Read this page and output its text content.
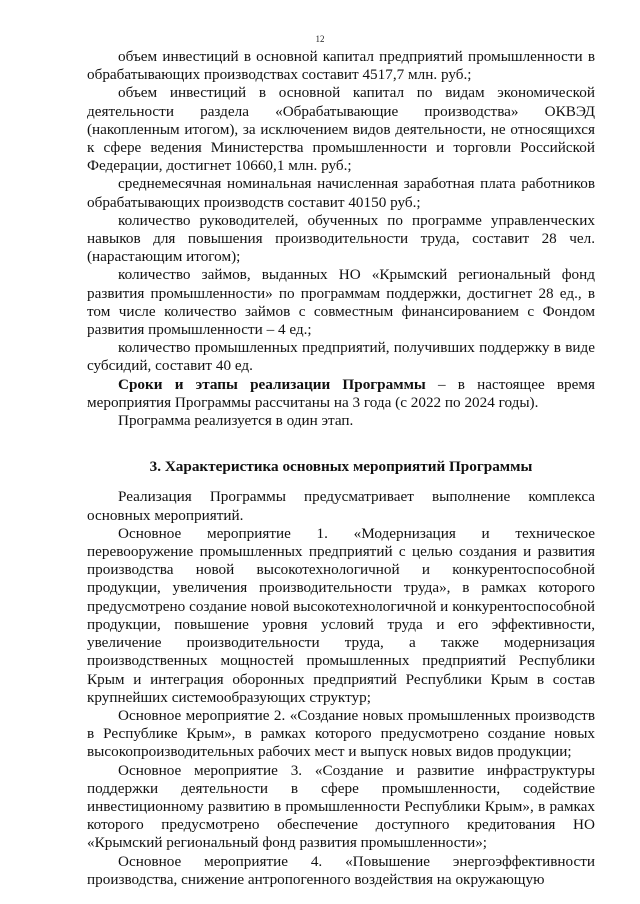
12

объем инвестиций в основной капитал предприятий промышленности в обрабатывающих производствах составит 4517,7 млн. руб.;

объем инвестиций в основной капитал по видам экономической деятельности раздела «Обрабатывающие производства» ОКВЭД (накопленным итогом), за исключением видов деятельности, не относящихся к сфере ведения Министерства промышленности и торговли Российской Федерации, достигнет 10660,1 млн. руб.;

среднемесячная номинальная начисленная заработная плата работников обрабатывающих производств составит 40150 руб.;

количество руководителей, обученных по программе управленческих навыков для повышения производительности труда, составит 28 чел. (нарастающим итогом);

количество займов, выданных НО «Крымский региональный фонд развития промышленности» по программам поддержки, достигнет 28 ед., в том числе количество займов с совместным финансированием с Фондом развития промышленности – 4 ед.;

количество промышленных предприятий, получивших поддержку в виде субсидий, составит 40 ед.

Сроки и этапы реализации Программы – в настоящее время мероприятия Программы рассчитаны на 3 года (с 2022 по 2024 годы).

Программа реализуется в один этап.

3. Характеристика основных мероприятий Программы

Реализация Программы предусматривает выполнение комплекса основных мероприятий.

Основное мероприятие 1. «Модернизация и техническое перевооружение промышленных предприятий с целью создания и развития производства новой высокотехнологичной и конкурентоспособной продукции, увеличения производительности труда», в рамках которого предусмотрено создание новой высокотехнологичной и конкурентоспособной продукции, повышение уровня условий труда и его эффективности, увеличение производительности труда, а также модернизация производственных мощностей промышленных предприятий Республики Крым и интеграция оборонных предприятий Республики Крым в состав крупнейших системообразующих структур;

Основное мероприятие 2. «Создание новых промышленных производств в Республике Крым», в рамках которого предусмотрено создание новых высокопроизводительных рабочих мест и выпуск новых видов продукции;

Основное мероприятие 3. «Создание и развитие инфраструктуры поддержки деятельности в сфере промышленности, содействие инвестиционному развитию в промышленности Республики Крым», в рамках которого предусмотрено обеспечение доступного кредитования НО «Крымский региональный фонд развития промышленности»;

Основное мероприятие 4. «Повышение энергоэффективности производства, снижение антропогенного воздействия на окружающую
